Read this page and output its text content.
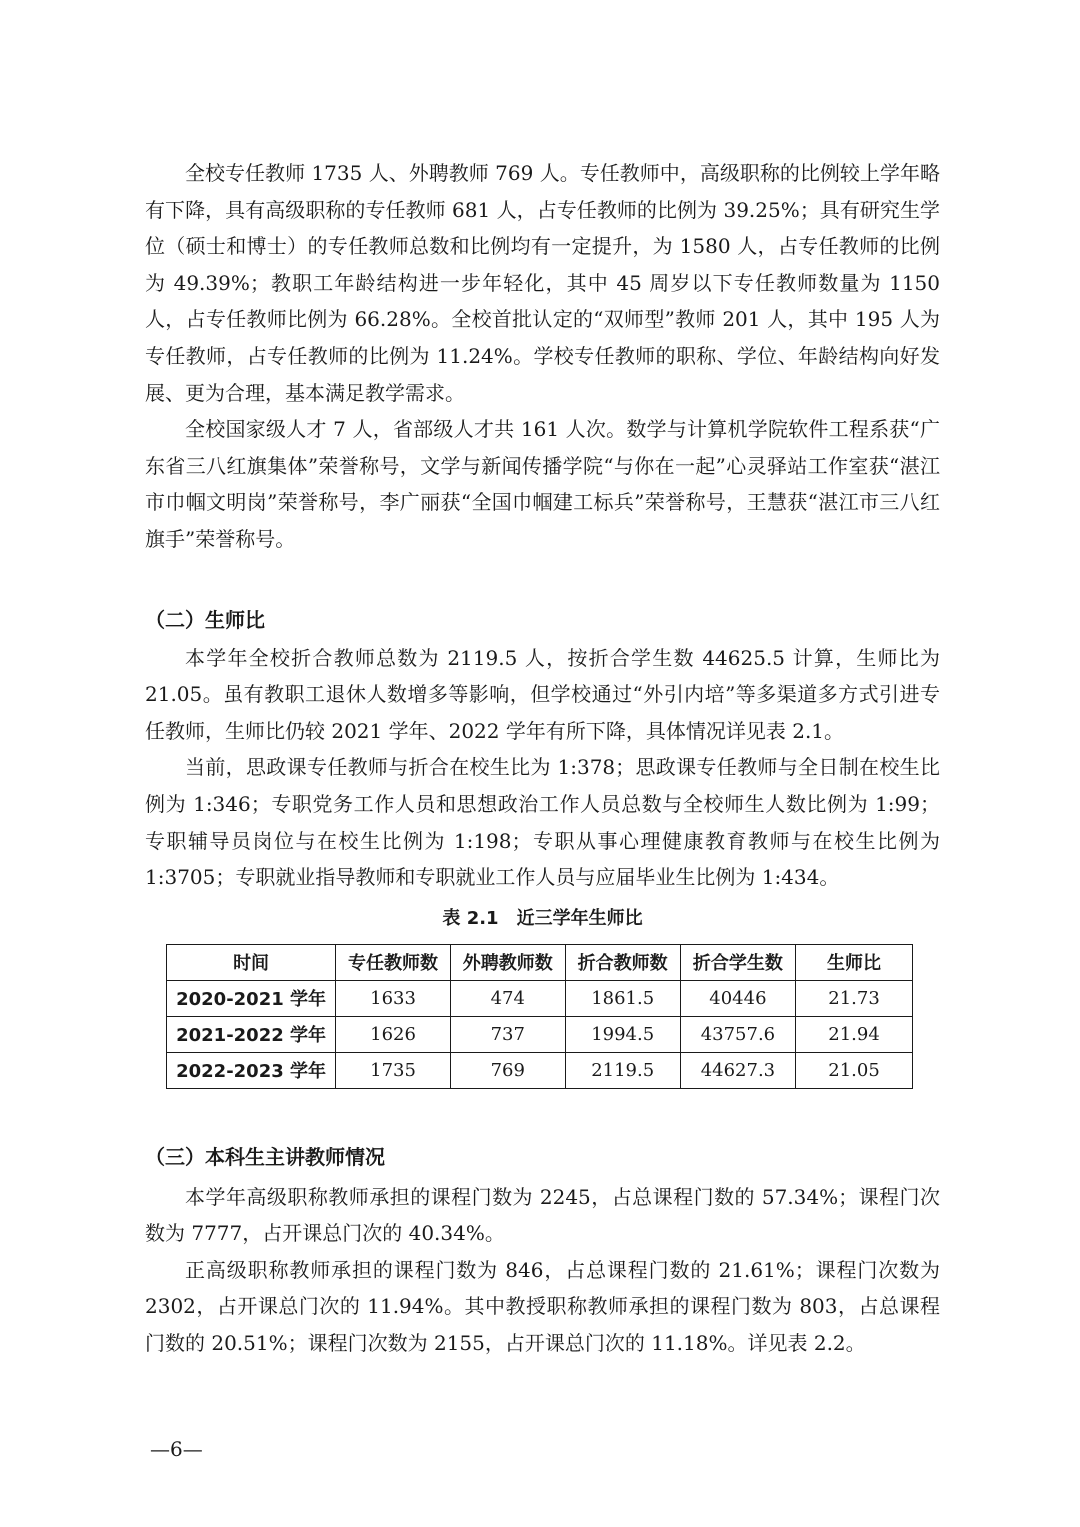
全校专任教师 1735 人、外聘教师 769 人。专任教师中，高级职称的比例较上学年略有下降，具有高级职称的专任教师 681 人，占专任教师的比例为 39.25%；具有研究生学位（硕士和博士）的专任教师总数和比例均有一定提升，为 1580 人，占专任教师的比例为 49.39%；教职工年龄结构进一步年轻化，其中 45 周岁以下专任教师数量为 1150 人，占专任教师比例为 66.28%。全校首批认定的“双师型”教师 201 人，其中 195 人为专任教师，占专任教师的比例为 11.24%。学校专任教师的职称、学位、年龄结构向好发展、更为合理，基本满足教学需求。

全校国家级人才 7 人，省部级人才共 161 人次。数学与计算机学院软件工程系获“广东省三八红旗集体”荣誉称号，文学与新闻传播学院“与你在一起”心灵驿站工作室获“湛江市巾帼文明岗”荣誉称号，李广丽获“全国巾帼建工标兵”荣誉称号，王慧获“湛江市三八红旗手”荣誉称号。

（二）生师比

本学年全校折合教师总数为 2119.5 人，按折合学生数 44625.5 计算，生师比为 21.05。虽有教职工退休人数增多等影响，但学校通过“外引内培”等多渠道多方式引进专任教师，生师比仍较 2021 学年、2022 学年有所下降，具体情况详见表 2.1。

当前，思政课专任教师与折合在校生比为 1:378；思政课专任教师与全日制在校生比例为 1:346；专职党务工作人员和思想政治工作人员总数与全校师生人数比例为 1:99；专职辅导员岗位与在校生比例为 1:198；专职从事心理健康教育教师与在校生比例为 1:3705；专职就业指导教师和专职就业工作人员与应届毕业生比例为 1:434。

表 2.1　近三学年生师比
时间	专任教师数	外聘教师数	折合教师数	折合学生数	生师比
2020-2021 学年	1633	474	1861.5	40446	21.73
2021-2022 学年	1626	737	1994.5	43757.6	21.94
2022-2023 学年	1735	769	2119.5	44627.3	21.05

（三）本科生主讲教师情况

本学年高级职称教师承担的课程门数为 2245，占总课程门数的 57.34%；课程门次数为 7777，占开课总门次的 40.34%。

正高级职称教师承担的课程门数为 846，占总课程门数的 21.61%；课程门次数为 2302，占开课总门次的 11.94%。其中教授职称教师承担的课程门数为 803，占总课程门数的 20.51%；课程门次数为 2155，占开课总门次的 11.18%。详见表 2.2。

—6—
